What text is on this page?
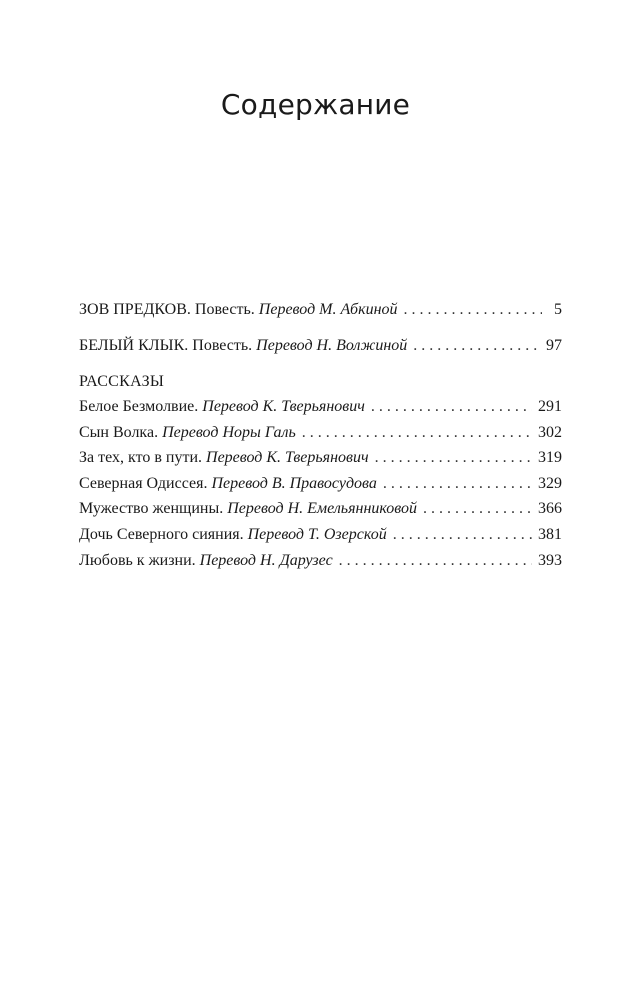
Содержание
ЗОВ ПРЕДКОВ. Повесть. Перевод М. Абкиной . . .	5
БЕЛЫЙ КЛЫК. Повесть. Перевод Н. Волжиной . . .	97
РАССКАЗЫ
Белое Безмолвие. Перевод К. Тверьянович . . .	291
Сын Волка. Перевод Норы Галь . . .	302
За тех, кто в пути. Перевод К. Тверьянович . . .	319
Северная Одиссея. Перевод В. Правосудова . . .	329
Мужество женщины. Перевод Н. Емельянниковой . . .	366
Дочь Северного сияния. Перевод Т. Озерской . . .	381
Любовь к жизни. Перевод Н. Дарузес . . .	393
